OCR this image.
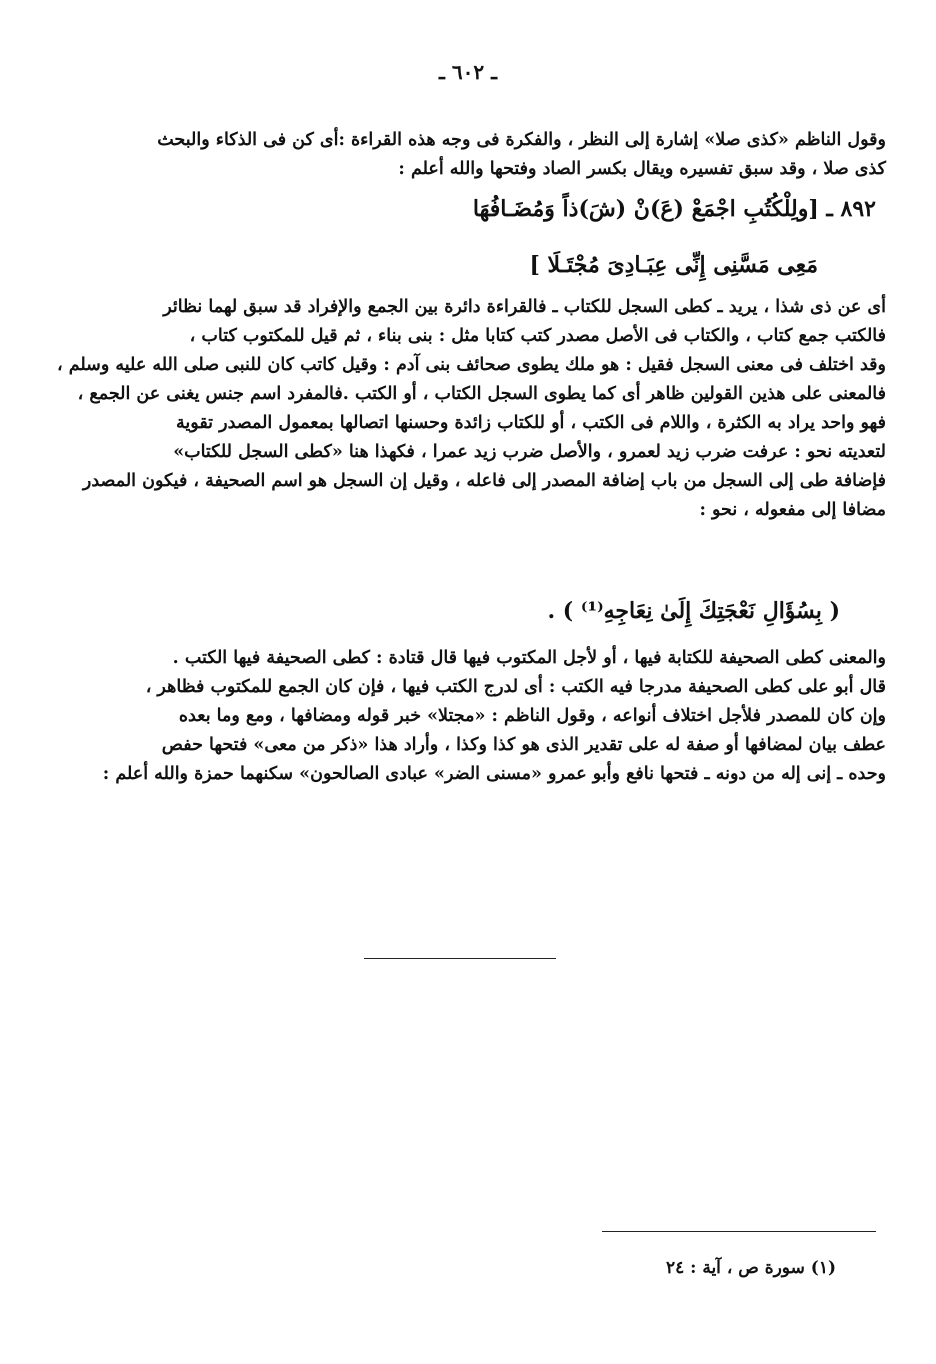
ـ ٦٠٢ ـ

وقول الناظم «كذى صلا» إشارة إلى النظر ، والفكرة فى وجه هذه القراءة :أى كن فى الذكاء والبحث

كذى صلا ، وقد سبق تفسيره ويقال بكسر الصاد وفتحها والله أعلم :

٨٩٢ ـ [ولِلْكُتُبِ اجْمَعْ (عَ)نْ (شَ)ذاً وَمُضَـافُهَا
مَعِى مَسَّنِى إِنِّى عِبَـادِىَ مُجْتَـلَا ]

أى عن ذى شذا ، يريد ـ كطى السجل للكتاب ـ فالقراءة دائرة بين الجمع والإفراد قد سبق لهما نظائر

فالكتب جمع كتاب ، والكتاب فى الأصل مصدر كتب كتابا مثل : بنى بناء ، ثم قيل للمكتوب كتاب ،

وقد اختلف فى معنى السجل فقيل : هو ملك يطوى صحائف بنى آدم : وقيل كاتب كان للنبى صلى الله عليه وسلم ،

فالمعنى على هذين القولين ظاهر أى كما يطوى السجل الكتاب ، أو الكتب .فالمفرد اسم جنس يغنى عن الجمع ،

فهو واحد يراد به الكثرة ، واللام فى الكتب ، أو للكتاب زائدة وحسنها اتصالها بمعمول المصدر تقوية

لتعديته نحو : عرفت ضرب زيد لعمرو ، والأصل ضرب زيد عمرا ، فكهذا هنا «كطى السجل للكتاب»

فإضافة طى إلى السجل من باب إضافة المصدر إلى فاعله ، وقيل إن السجل هو اسم الصحيفة ، فيكون المصدر

مضافا إلى مفعوله ، نحو :

( بِسُؤَالِ نَعْجَتِكَ إِلَىٰ نِعَاجِهِ⁽¹⁾ ) .

والمعنى كطى الصحيفة للكتابة فيها ، أو لأجل المكتوب فيها قال قتادة : كطى الصحيفة فيها الكتب .

قال أبو على كطى الصحيفة مدرجا فيه الكتب : أى لدرج الكتب فيها ، فإن كان الجمع للمكتوب فظاهر ،

وإن كان للمصدر فلأجل اختلاف أنواعه ، وقول الناظم : «مجتلا» خبر قوله ومضافها ، ومع وما بعده

عطف بيان لمضافها أو صفة له على تقدير الذى هو كذا وكذا ، وأراد هذا «ذكر من معى» فتحها حفص

وحده ـ إنى إله من دونه ـ فتحها نافع وأبو عمرو «مسنى الضر» عبادى الصالحون» سكنهما حمزة والله أعلم :

(١) سورة ص ، آية : ٢٤
